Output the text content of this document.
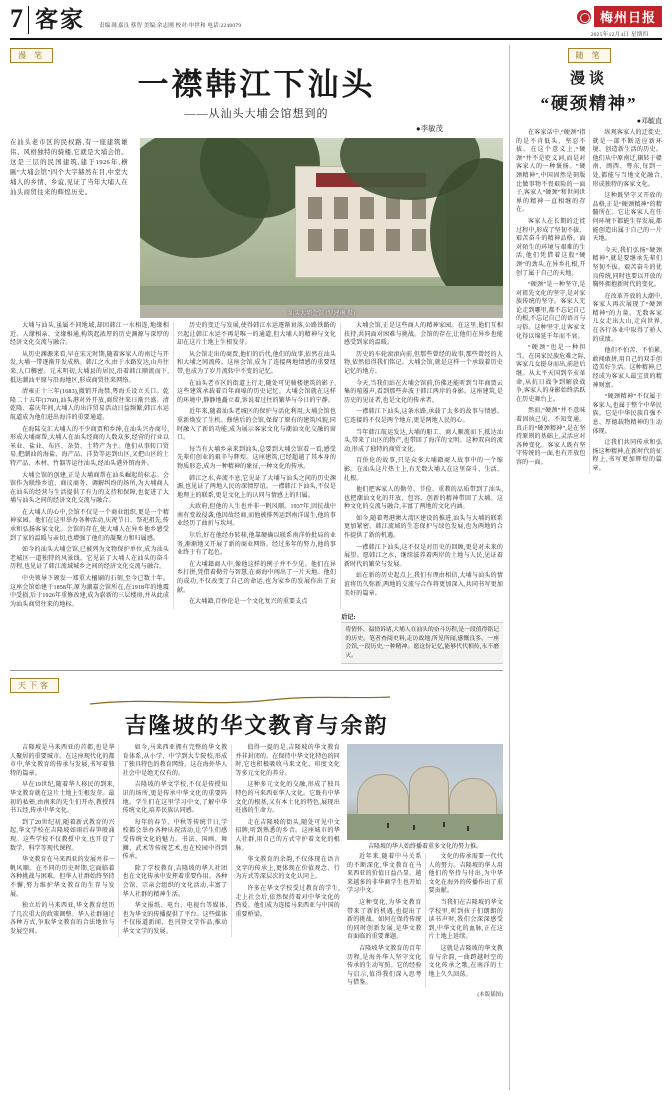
7 客家	责编:陈嘉良 蔡智 美编:余志刚 校对:申世和 电话:2240079
梅州日报
2025年12月4日 星期四
漫 笔
一襟韩江下汕头
——从汕头大埔会馆想到的
●李敏茂
在汕头老市区的民权路,有一座建筑雄伟、风格独特的骑楼,它就是大埔会馆。这是三层的民国建筑,建于1926年,横匾“大埔会馆”四个大字赫然在目,中堂大埔人的乡情、乡谊,见证了当年大埔人在汕头商贸往来的辉煌历史。
汕头大埔会馆 (罗建琳 摄)

大埔与汕头,虽属不同地域,却因韩江一水相连,地缘相近、人缘相亲、文缘相通,构筑起浓厚的历史渊源与深厚的经济文化交流与融合。

从历史渊源来看,早在宋元时期,随着客家人的南迁与开发,大埔一带逐渐开发成熟。韩江之水,由于水路发达,山舟往来,人口稠密。元末明初,大埔县的居民,沿着韩江顺流而下,抵达潮汕平原与沿海地区,形成商贸往来网络。

清雍正十三年(1683),撤销开海禁,粤海关设立关口。乾隆二十五年(1760),汕头港对外开放,商贸往来日渐兴盛。清乾隆、嘉庆年间,大埔人的出洋贸易活动日益频繁,韩江水运航道成为他们进出海洋的重要通道。

在海陆交汇大埔人的不少商贾和乡绅,在汕头兴办商号,形成大埔商帮,大埔人在汕头经商的人数众多,经营的行业以米业、盐业、布匹、杂货、土特产为主。他们从事转口贸易,把潮汕的海盐、海产品、洋货等运到山区,又把山区的土特产品、木材、竹器等运往汕头,经汕头港外销海外。

大埔会馆的创建,正是大埔商帮在汕头崛起的标志。会馆作为联络乡谊、商议商务、调解纠纷的场所,为大埔商人在汕头的经营与生活提供了有力的支持和保障,也促进了大埔与汕头之间的经济文化交流与融合。

在大埔人的心中,会馆不仅是一个商业组织,更是一个精神家园。他们在这里举办各种活动,庆祝节日、祭祀祖先,传承和弘扬客家文化。会馆的存在,使大埔人在异乡他乡感受到了家的温暖与亲切,也增强了他们的凝聚力和归属感。

如今的汕头大埔会馆,已被列为文物保护单位,成为汕头老城区一道独特的风景线。它见证了大埔人在汕头的奋斗历程,也见证了韩江流域城乡之间的经济文化交流与融合。

中央领导下颁发一郑重大檀刷的石刻,至今已数十年。这座会馆始建于1858年,原为潮嘉会馆所在,在1918年的地震中受损,后于1926年重修改建,成为崭新的三层楼房,并从此成为汕头商贸往来的地标。

历史的变迁与发展,使得韩江水运逐渐衰落,公路铁路的兴起让韩江水运不再是唯一的通道,但大埔人的精神与文化却在这片土地上生根发芽。

从会馆走出的商贾,他们的后代,他们的故事,依然在汕头和大埔之间流传。这座会馆,成为了连接两地情感的重要纽带,也成为了岁月流转中不变的记忆。

在汕头老市区的街道上行走,随处可见骑楼建筑的影子,这些建筑承载着百年商埠的历史记忆。大埔会馆就在这样的环境中,静静地矗立着,诉说着过往的繁华与今日的宁静。

近年来,随着汕头老城区的保护与活化利用,大埔会馆也重新焕发了生机。修缮后的会馆,保留了原有的建筑风貌,同时融入了新的功能,成为展示客家文化与潮汕文化交融的窗口。

每当有大埔乡亲来到汕头,总要到大埔会馆看一看,感受先辈们创业的艰辛与辉煌。这座建筑,已经超越了其本身的物质形态,成为一种精神的象征,一种文化的传承。

韩江之水,奔流不息,它见证了大埔与汕头之间的历史渊源,也见证了两地人民的深情厚谊。一襟韩江下汕头,不仅是地理上的联系,更是文化上的认同与情感上的归属。

大政府,但他的人生也并非一帆风顺。1937年,因抗战中南有变故侵袭,他因故经商,而他被排列运到南洋谋生,他的事业经历了曲折与坎坷。

尔后,好在他经办转移,他靠硬确以联系南洋侨批局的业务,渐渐地又开展了新的商业网络。经过多年的努力,他的事业终于有了起色。

在大埔籍商人中,像他这样的例子并不少见。他们在异乡打拼,凭借着勤劳与智慧,在商海中闯出了一片天地。他们的成功,不仅改变了自己的命运,也为家乡的发展作出了贡献。

在大埔籍,百侨伦是一个文化复兴的重要支点

大埔会馆,正是这些商人的精神家园。在这里,他们互相扶持,共同面对困难与挑战。会馆的存在,让他们在异乡也能感受到家的温暖。

历史的车轮滚滚向前,但那些曾经的故事,那些曾经的人物,依然值得我们铭记。大埔会馆,就是这样一个承载着历史记忆的地方。

今天,当我们站在大埔会馆前,仿佛还能听到当年商贾云集的喧嚣声,看到那些奔波于韩江两岸的身影。这座建筑,是历史的见证者,也是文化的传承者。

一襟韩江下汕头,这条水路,承载了太多的故事与情感。它连接的不仅是两个地方,更是两地人民的心。

当年韩江航运发达,大埔的船工、商人顺流而下,抵达汕头,带来了山区的物产,也带回了海洋的文明。这种双向的流动,形成了独特的商贸文化。

百侨伦的故事,只是众多大埔籍商人故事中的一个缩影。在汕头这片热土上,有无数大埔人在这里奋斗、生活、扎根。

他们把客家人的勤劳、节俭、重教的品质带到了汕头,也把潮汕文化的开放、包容、创新的精神带回了大埔。这种文化的交流与融合,丰富了两地的文化内涵。

如今,随着粤港澳大湾区建设的推进,汕头与大埔的联系更加紧密。韩江流域的生态保护与绿色发展,也为两地的合作提供了新的机遇。

一襟韩江下汕头,这不仅是对历史的回顾,更是对未来的展望。愿韩江之水，继续滋养着两岸的土地与人民,见证着新时代的繁荣与发展。

站在新的历史起点上,我们有理由相信,大埔与汕头的情谊将历久弥新,两地的交流与合作将更加深入,共同书写更加美好的篇章。

后记:
将情怀、温情诉诸,大埔人在汕头的奋斗历程,是一段值得铭记的历史。笔者查阅史料,走访故地,所见所闻,感慨良多。一座会馆,一段历史,一种精神。愿这份记忆,能够代代相传,永不磨灭。
天下客
吉隆坡的华文教育与余韵

吉隆坡是马来西亚的首都,也是华人聚居的重要城市。在这座现代化的都市中,华文教育的传承与发展,书写着独特的篇章。

早在19世纪,随着华人移民的到来,华文教育就在这片土地上生根发芽。最初的私塾,由南来的先生们开办,教授四书五经,传承中华文化。

到了20世纪初,随着新式教育的兴起,华文学校在吉隆坡如雨后春笋般涌现。这些学校不仅教授中文,也开设了数学、科学等现代课程。

华文教育在马来西亚的发展并非一帆风顺。在不同的历史时期,它面临着各种挑战与困难。但华人社群始终坚持不懈,努力维护华文教育的生存与发展。

独立后的马来西亚,华文教育经历了几次重大的政策调整。华人社群通过各种方式,争取华文教育的合法地位与发展空间。

如今,马来西亚拥有完整的华文教育体系,从小学、中学到大专院校,形成了独具特色的教育网络。这在海外华人社会中是绝无仅有的。

吉隆坡的华文学校,不仅是传授知识的场所,更是传承中华文化的重要阵地。学生们在这里学习中文,了解中华传统文化,培养民族认同感。

每年的春节、中秋等传统节日,学校都会举办各种庆祝活动,让学生们感受传统文化的魅力。书法、国画、舞狮、武术等传统艺术,也在校园中得到传承。

除了学校教育,吉隆坡的华人社团也在文化传承中发挥着重要作用。各种会馆、宗亲会组织的文化活动,丰富了华人社群的精神生活。

华文报纸、电台、电视台等媒体,也为华文的传播提供了平台。这些媒体不仅报道新闻，也刊登文学作品,推动华文文学的发展。

值得一提的是,吉隆坡的华文教育并非封闭的。在保持中华文化特色的同时,它也积极吸收马来文化、印度文化等多元文化的养分。

这种多元文化的交融,形成了独具特色的马来西亚华人文化。它既有中华文化的根基,又有本土化的特色,展现出旺盛的生命力。

走在吉隆坡的街头,随处可见中文招牌,听到熟悉的乡音。这座城市的华人社群,用自己的方式守护着文化的根脉。

华文教育的余韵,不仅体现在语言文字的传承上,更体现在价值观念、行为方式等深层次的文化认同上。

许多在华文学校受过教育的学生,走上社会后,依然保持着对中华文化的热爱。他们成为连接马来西亚与中国的重要桥梁。

吉隆坡的华人始终播着重多文化的努力推。

近年来,随着中马关系的不断深化,华文教育在马来西亚的价值日益凸显。越来越多的非华裔学生也开始学习中文。

这种变化,为华文教育带来了新的机遇,也提出了新的挑战。如何在保持传统的同时创新发展,是华文教育面临的重要课题。

吉隆坡华文教育的百年历程,是海外华人坚守文化传承的生动写照。它的经验与启示,值得我们深入思考与借鉴。

文化的传承需要一代代人的努力。吉隆坡的华人用他们的坚持与付出,为中华文化在海外的传播作出了重要贡献。

当我们在吉隆坡的华文学校里,听到孩子们朗朗的读书声时,我们会深深感受到,中华文化的血脉,正在这片土地上延续。

这就是吉隆坡的华文教育与余韵,一曲跨越时空的文化传承之歌,在南洋的土地上久久回荡。

(本版插图)
随 笔
漫谈
“硬颈精神”
●邓毓直

在客家话中,“硬颈”指的是不肯低头、坚忍不拔。在这个意义上,“硬颈”并不是贬义词,而是对客家人的一种褒扬。“硬颈精神”,中国固然是刻版比做事物不畏艰险的一面子,客家人“硬颈”和世间世界的精神一直相继的存在。

客家人在长期的迁徙过程中,形成了坚韧不拔、艰苦奋斗的精神品格。面对陌生的环境与艰难的生活,他们凭借着这股“硬颈”的劲头,在异乡扎根,开创了属于自己的天地。

“硬颈”是一种坚守,是对祖先文化的坚守,是对家族传统的坚守。客家人无论走到哪里,都不忘记自己的根,不忘记自己的语言与习俗。这种坚守,让客家文化得以绵延千年而不衰。

“硬颈”也是一种担当。在国家民族危难之际,客家儿女挺身而出,前赴后继。从太平天国到辛亥革命,从抗日战争到解放战争,客家人的身影始终活跃在历史舞台上。

然而,“硬颈”并不意味着固执己见、不知变通。真正的“硬颈精神”,是在坚持原则的基础上,灵活应对各种变化。客家人既有坚守传统的一面,也有开放包容的一面。

纵观客家人的迁徙史,就是一部不断适应新环境、创造新生活的历史。他们从中原南迁,辗转于赣南、闽西、粤东,每到一处,都能与当地文化融合,形成独特的客家文化。

这种既坚守又开放的品格,正是“硬颈精神”的精髓所在。它让客家人在任何环境下都能生存发展,都能创造出属于自己的一片天地。

今天,我们弘扬“硬颈精神”,就是要继承先辈们坚韧不拔、艰苦奋斗的优良传统,同时也要以开放的胸怀拥抱新时代的变化。

在改革开放的大潮中,客家人再次展现了“硬颈精神”的力量。无数客家儿女走出大山,走向世界,在各行各业中取得了骄人的成绩。

他们不怕苦、不怕累,敢闯敢拼,用自己的双手创造美好生活。这种精神,已经成为客家人最宝贵的精神财富。

“硬颈精神”不仅属于客家人,也属于整个中华民族。它是中华民族自强不息、厚德载物精神的生动体现。

让我们共同传承和弘扬这种精神,在新时代的征程上,书写更加辉煌的篇章。
